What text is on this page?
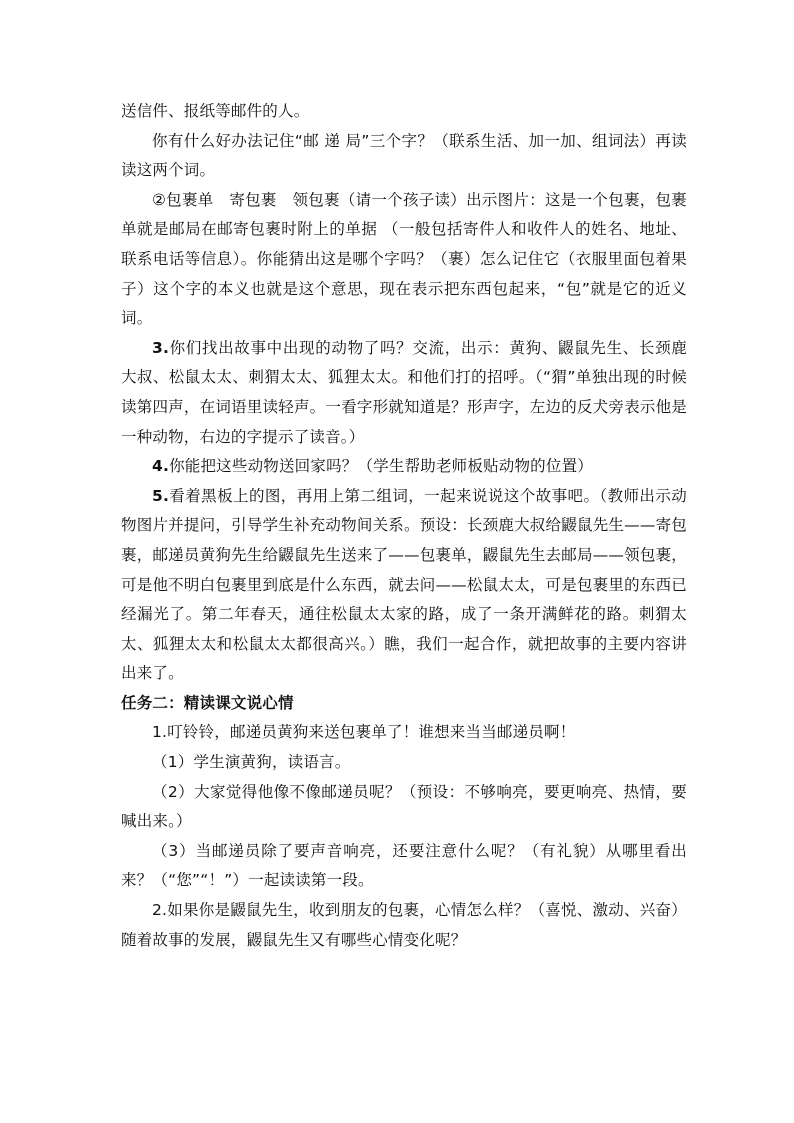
送信件、报纸等邮件的人。

你有什么好办法记住“邮 递 局”三个字？（联系生活、加一加、组词法）再读读这两个词。

②包裹单　寄包裹　领包裹（请一个孩子读）出示图片：这是一个包裹，包裹单就是邮局在邮寄包裹时附上的单据 （一般包括寄件人和收件人的姓名、地址、联系电话等信息）。你能猜出这是哪个字吗？（裹）怎么记住它（衣服里面包着果子）这个字的本义也就是这个意思，现在表示把东西包起来，“包”就是它的近义词。

3.你们找出故事中出现的动物了吗？交流，出示：黄狗、鼹鼠先生、长颈鹿大叔、松鼠太太、刺猬太太、狐狸太太。和他们打的招呼。（“猬”单独出现的时候读第四声，在词语里读轻声。一看字形就知道是？形声字，左边的反犬旁表示他是一种动物，右边的字提示了读音。）

4.你能把这些动物送回家吗？（学生帮助老师板贴动物的位置）

5.看着黑板上的图，再用上第二组词，一起来说说这个故事吧。（教师出示动物图片并提问，引导学生补充动物间关系。预设：长颈鹿大叔给鼹鼠先生——寄包裹，邮递员黄狗先生给鼹鼠先生送来了——包裹单，鼹鼠先生去邮局——领包裹，可是他不明白包裹里到底是什么东西，就去问——松鼠太太，可是包裹里的东西已经漏光了。第二年春天，通往松鼠太太家的路，成了一条开满鲜花的路。刺猬太太、狐狸太太和松鼠太太都很高兴。）瞧，我们一起合作，就把故事的主要内容讲出来了。

任务二：精读课文说心情

1.叮铃铃，邮递员黄狗来送包裹单了！谁想来当当邮递员啊！

（1）学生演黄狗，读语言。

（2）大家觉得他像不像邮递员呢？（预设：不够响亮，要更响亮、热情，要喊出来。）

（3）当邮递员除了要声音响亮，还要注意什么呢？（有礼貌）从哪里看出来？（“您”“！”）一起读读第一段。

2.如果你是鼹鼠先生，收到朋友的包裹，心情怎么样？（喜悦、激动、兴奋）随着故事的发展，鼹鼠先生又有哪些心情变化呢？
